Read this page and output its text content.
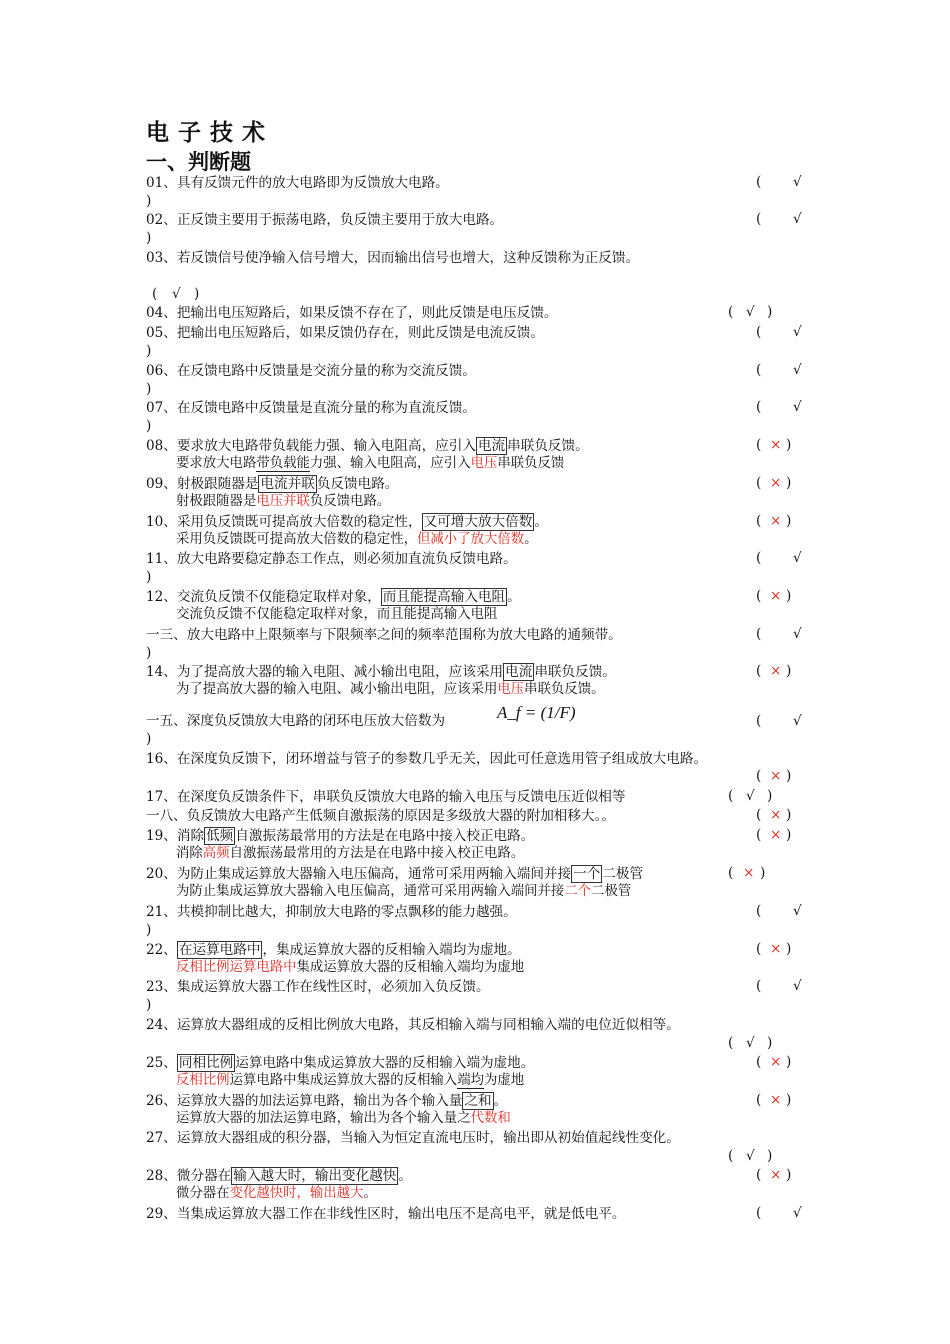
电子技术
一、判断题
01、具有反馈元件的放大电路即为反馈放大电路。	( √
)
02、正反馈主要用于振荡电路，负反馈主要用于放大电路。	( √
)
03、若反馈信号使净输入信号增大，因而输出信号也增大，这种反馈称为正反馈。
( √ )
04、把输出电压短路后，如果反馈不存在了，则此反馈是电压反馈。	( √ )
05、把输出电压短路后，如果反馈仍存在，则此反馈是电流反馈。	( √
)
06、在反馈电路中反馈量是交流分量的称为交流反馈。	( √
)
07、在反馈电路中反馈量是直流分量的称为直流反馈。	( √
)
08、要求放大电路带负载能力强、输入电阻高，应引入 电流 串联负反馈。
要求放大电路带负载能力强、输入电阻高，应引入电压串联负反馈
( × )
09、射极跟随器是 电流并联 负反馈电路。
射极跟随器是电压并联负反馈电路。
( × )
10、采用负反馈既可提高放大倍数的稳定性， 又可增大放大倍数 。
采用负反馈既可提高放大倍数的稳定性，但减小了放大倍数。
( × )
11、放大电路要稳定静态工作点，则必须加直流负反馈电路。	( √
)
12、交流负反馈不仅能稳定取样对象， 而且能提高输入电阻 。
交流负反馈不仅能稳定取样对象，而且能提高输入电阻
( × )
一三、放大电路中上限频率与下限频率之间的频率范围称为放大电路的通频带。	( √
)
14、为了提高放大器的输入电阻、减小输出电阻，应该采用 电流 串联负反馈。
为了提高放大器的输入电阻、减小输出电阻，应该采用电压串联负反馈。
( × )
一五、深度负反馈放大电路的闭环电压放大倍数为	A_f = (1/F)	( √
)
16、在深度负反馈下，闭环增益与管子的参数几乎无关，因此可任意选用管子组成放大电路。
( × )
17、在深度负反馈条件下，串联负反馈放大电路的输入电压与反馈电压近似相等	( √ )
一八、负反馈放大电路产生低频自激振荡的原因是多级放大器的附加相移大。。	( × )
19、消除 低频 自激振荡最常用的方法是在电路中接入校正电路。
消除高频自激振荡最常用的方法是在电路中接入校正电路。
( × )
20、为防止集成运算放大器输入电压偏高，通常可采用两输入端间并接 一个 二极管
为防止集成运算放大器输入电压偏高，通常可采用两输入端间并接二个二极管
( × )
21、共模抑制比越大，抑制放大电路的零点飘移的能力越强。	( √
)
22、 在运算电路中 ，集成运算放大器的反相输入端均为虚地。
反相比例运算电路中集成运算放大器的反相输入端均为虚地
( × )
23、集成运算放大器工作在线性区时，必须加入负反馈。	( √
)
24、运算放大器组成的反相比例放大电路，其反相输入端与同相输入端的电位近似相等。
( √ )
25、 同相比例 运算电路中集成运算放大器的反相输入端为虚地。
反相比例运算电路中集成运算放大器的反相输入端均为虚地
( × )
26、运算放大器的加法运算电路，输出为各个输入量 之和 。
运算放大器的加法运算电路，输出为各个输入量之代数和
( × )
27、运算放大器组成的积分器，当输入为恒定直流电压时，输出即从初始值起线性变化。
( √ )
28、微分器在 输入越大时，输出变化越快 。
微分器在变化越快时，输出越大。
( × )
29、当集成运算放大器工作在非线性区时，输出电压不是高电平，就是低电平。	( √
